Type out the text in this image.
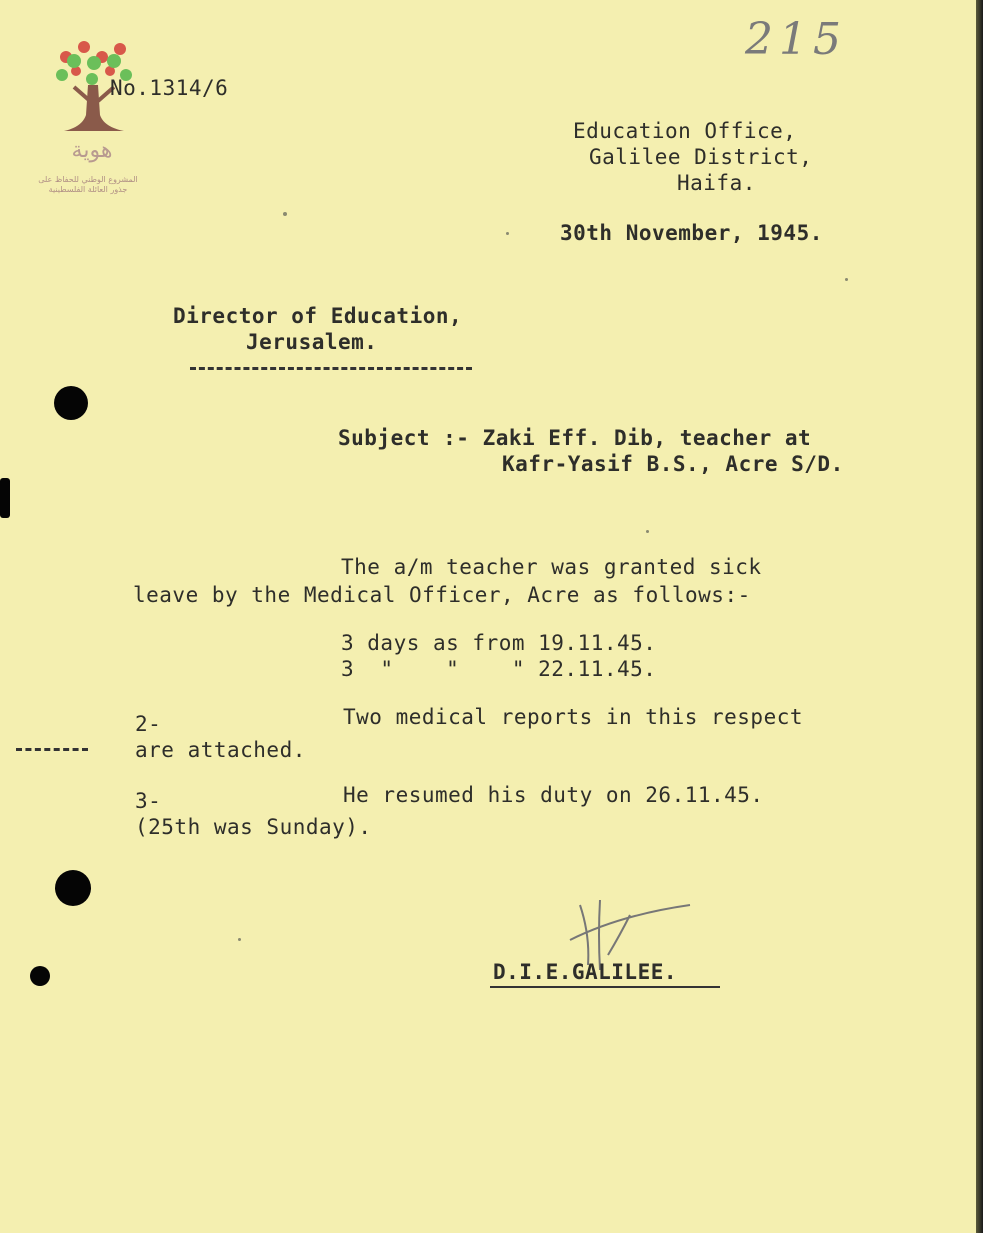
هوية
المشروع الوطني للحفاظ على
جذور العائلة الفلسطينية
No.1314/6
215
Education Office,
Galilee District,
Haifa.
30th November, 1945.
Director of Education,
Jerusalem.
Subject :- Zaki Eff. Dib, teacher at
Kafr-Yasif B.S., Acre S/D.
The a/m teacher was granted sick
leave by the Medical Officer, Acre as follows:-
3 days as from 19.11.45.
3  "    "    " 22.11.45.
2-	Two medical reports in this respect
are attached.
3-	He resumed his duty on 26.11.45.
(25th was Sunday).
D.I.E.GALILEE.
